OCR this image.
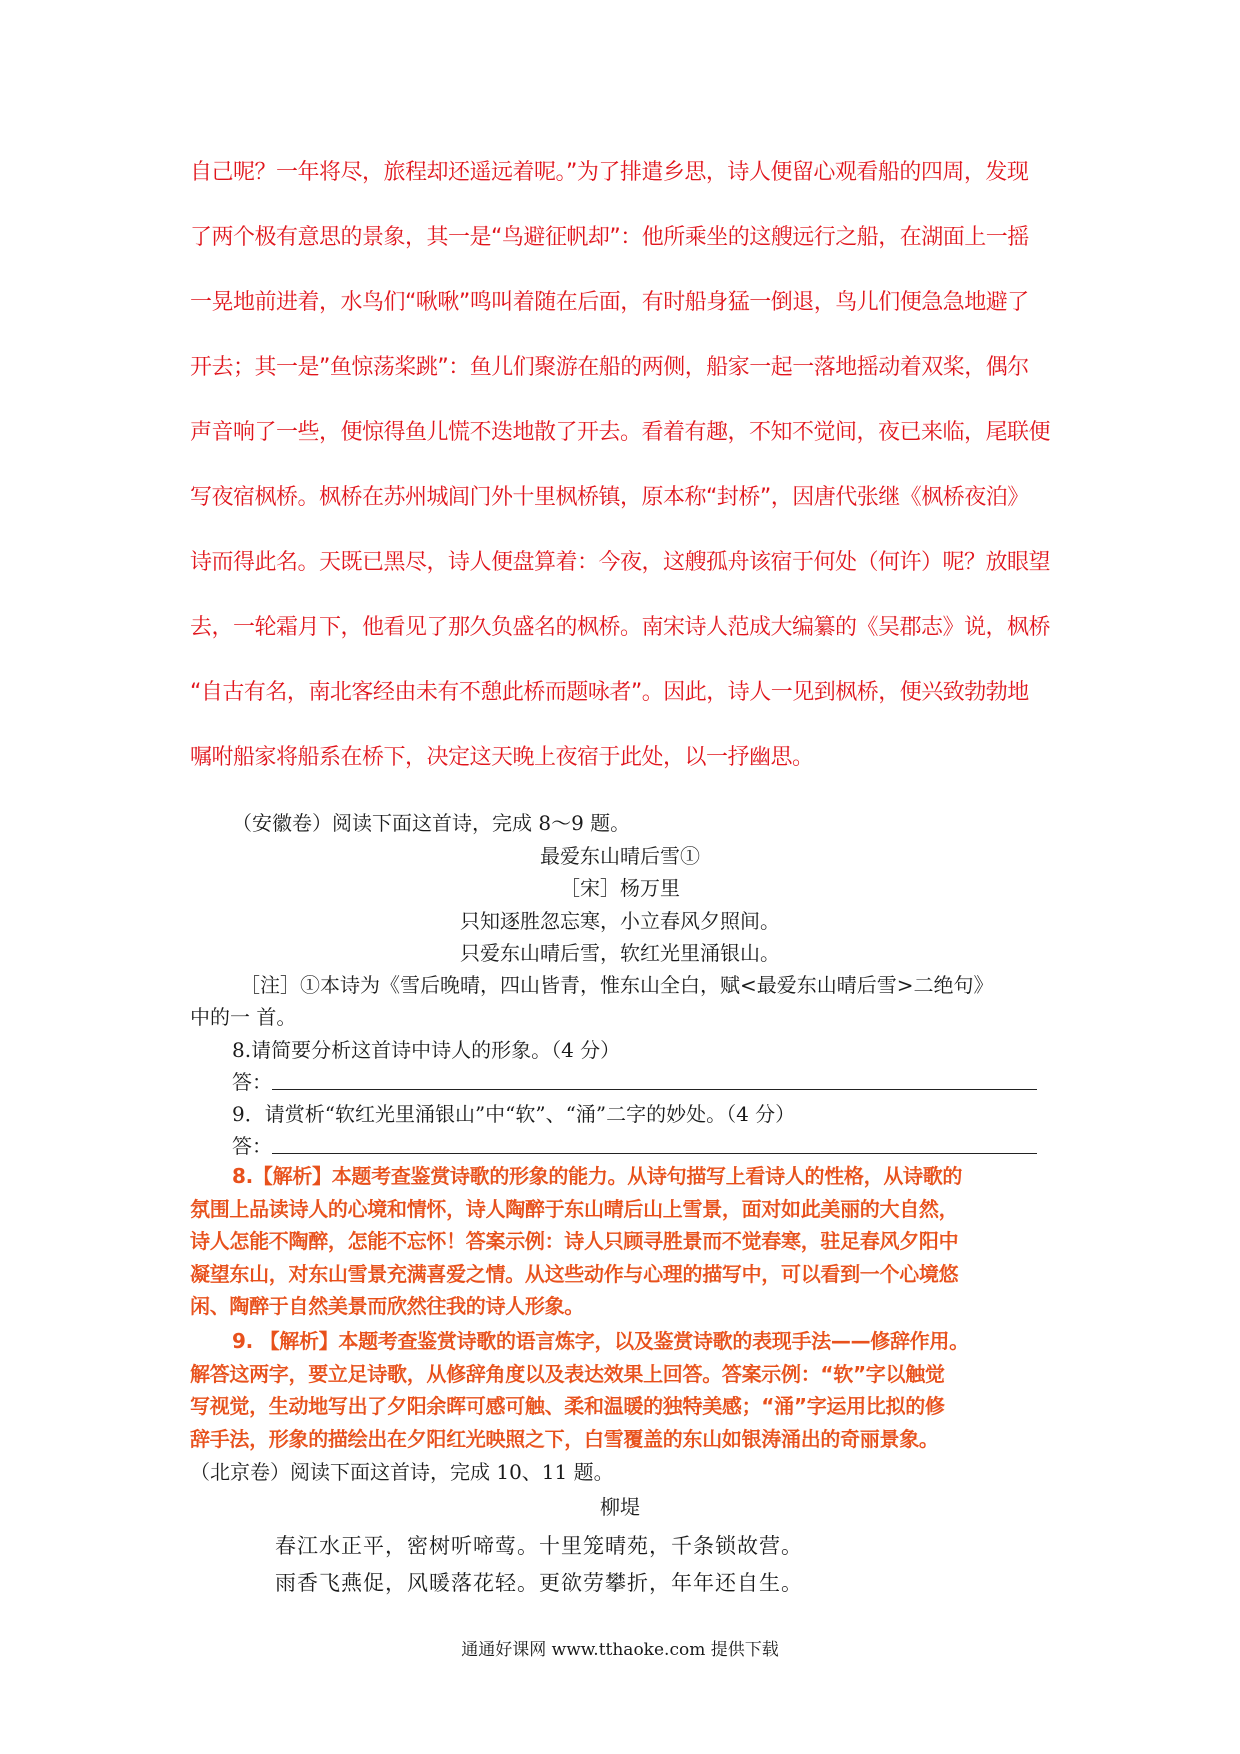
自己呢？一年将尽，旅程却还遥远着呢。”为了排遣乡思，诗人便留心观看船的四周，发现

了两个极有意思的景象，其一是“鸟避征帆却”：他所乘坐的这艘远行之船，在湖面上一摇

一晃地前进着，水鸟们“啾啾”鸣叫着随在后面，有时船身猛一倒退，鸟儿们便急急地避了

开去；其一是”鱼惊荡桨跳”：鱼儿们聚游在船的两侧，船家一起一落地摇动着双桨，偶尔

声音响了一些，便惊得鱼儿慌不迭地散了开去。看着有趣，不知不觉间，夜已来临，尾联便

写夜宿枫桥。枫桥在苏州城闾门外十里枫桥镇，原本称“封桥”，因唐代张继《枫桥夜泊》

诗而得此名。天既已黑尽，诗人便盘算着：今夜，这艘孤舟该宿于何处（何许）呢？放眼望

去，一轮霜月下，他看见了那久负盛名的枫桥。南宋诗人范成大编纂的《吴郡志》说，枫桥

“自古有名，南北客经由未有不憩此桥而题咏者”。因此，诗人一见到枫桥，便兴致勃勃地

嘱咐船家将船系在桥下，决定这天晚上夜宿于此处，以一抒幽思。

（安徽卷）阅读下面这首诗，完成 8～9 题。
最爱东山晴后雪①
［宋］杨万里
只知逐胜忽忘寒，小立春风夕照间。
只爱东山晴后雪，软红光里涌银山。
［注］①本诗为《雪后晚晴，四山皆青，惟东山全白，赋<最爱东山晴后雪>二绝句》
中的一 首。
8.请简要分析这首诗中诗人的形象。（4 分）
答：
9．请赏析“软红光里涌银山”中“软”、“涌”二字的妙处。（4 分）
答：

8.【解析】本题考查鉴赏诗歌的形象的能力。从诗句描写上看诗人的性格，从诗歌的

氛围上品读诗人的心境和情怀，诗人陶醉于东山晴后山上雪景，面对如此美丽的大自然，

诗人怎能不陶醉，怎能不忘怀！答案示例：诗人只顾寻胜景而不觉春寒，驻足春风夕阳中

凝望东山，对东山雪景充满喜爱之情。从这些动作与心理的描写中，可以看到一个心境悠

闲、陶醉于自然美景而欣然往我的诗人形象。

9. 【解析】本题考查鉴赏诗歌的语言炼字，以及鉴赏诗歌的表现手法——修辞作用。

解答这两字，要立足诗歌，从修辞角度以及表达效果上回答。答案示例：“软”字以触觉

写视觉，生动地写出了夕阳余晖可感可触、柔和温暖的独特美感；“涌”字运用比拟的修

辞手法，形象的描绘出在夕阳红光映照之下，白雪覆盖的东山如银涛涌出的奇丽景象。

（北京卷）阅读下面这首诗，完成 10、11 题。
柳堤
春江水正平，密树听啼莺。十里笼晴苑，千条锁故营。
雨香飞燕促，风暖落花轻。更欲劳攀折，年年还自生。
通通好课网 www.tthaoke.com 提供下载
